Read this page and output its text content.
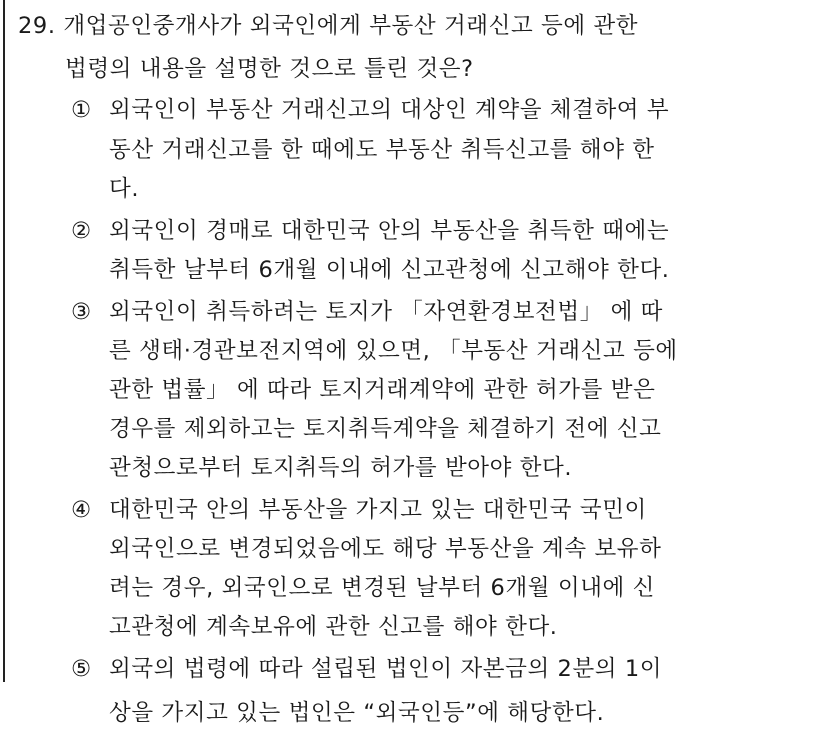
29. 개업공인중개사가 외국인에게 부동산 거래신고 등에 관한
법령의 내용을 설명한 것으로 틀린 것은?
① 외국인이 부동산 거래신고의 대상인 계약을 체결하여 부
동산 거래신고를 한 때에도 부동산 취득신고를 해야 한
다.
② 외국인이 경매로 대한민국 안의 부동산을 취득한 때에는
취득한 날부터 6개월 이내에 신고관청에 신고해야 한다.
③ 외국인이 취득하려는 토지가 「자연환경보전법」 에 따
른 생태·경관보전지역에 있으면, 「부동산 거래신고 등에
관한 법률」 에 따라 토지거래계약에 관한 허가를 받은
경우를 제외하고는 토지취득계약을 체결하기 전에 신고
관청으로부터 토지취득의 허가를 받아야 한다.
④ 대한민국 안의 부동산을 가지고 있는 대한민국 국민이
외국인으로 변경되었음에도 해당 부동산을 계속 보유하
려는 경우, 외국인으로 변경된 날부터 6개월 이내에 신
고관청에 계속보유에 관한 신고를 해야 한다.
⑤ 외국의 법령에 따라 설립된 법인이 자본금의 2분의 1이
상을 가지고 있는 법인은 “외국인등”에 해당한다.
